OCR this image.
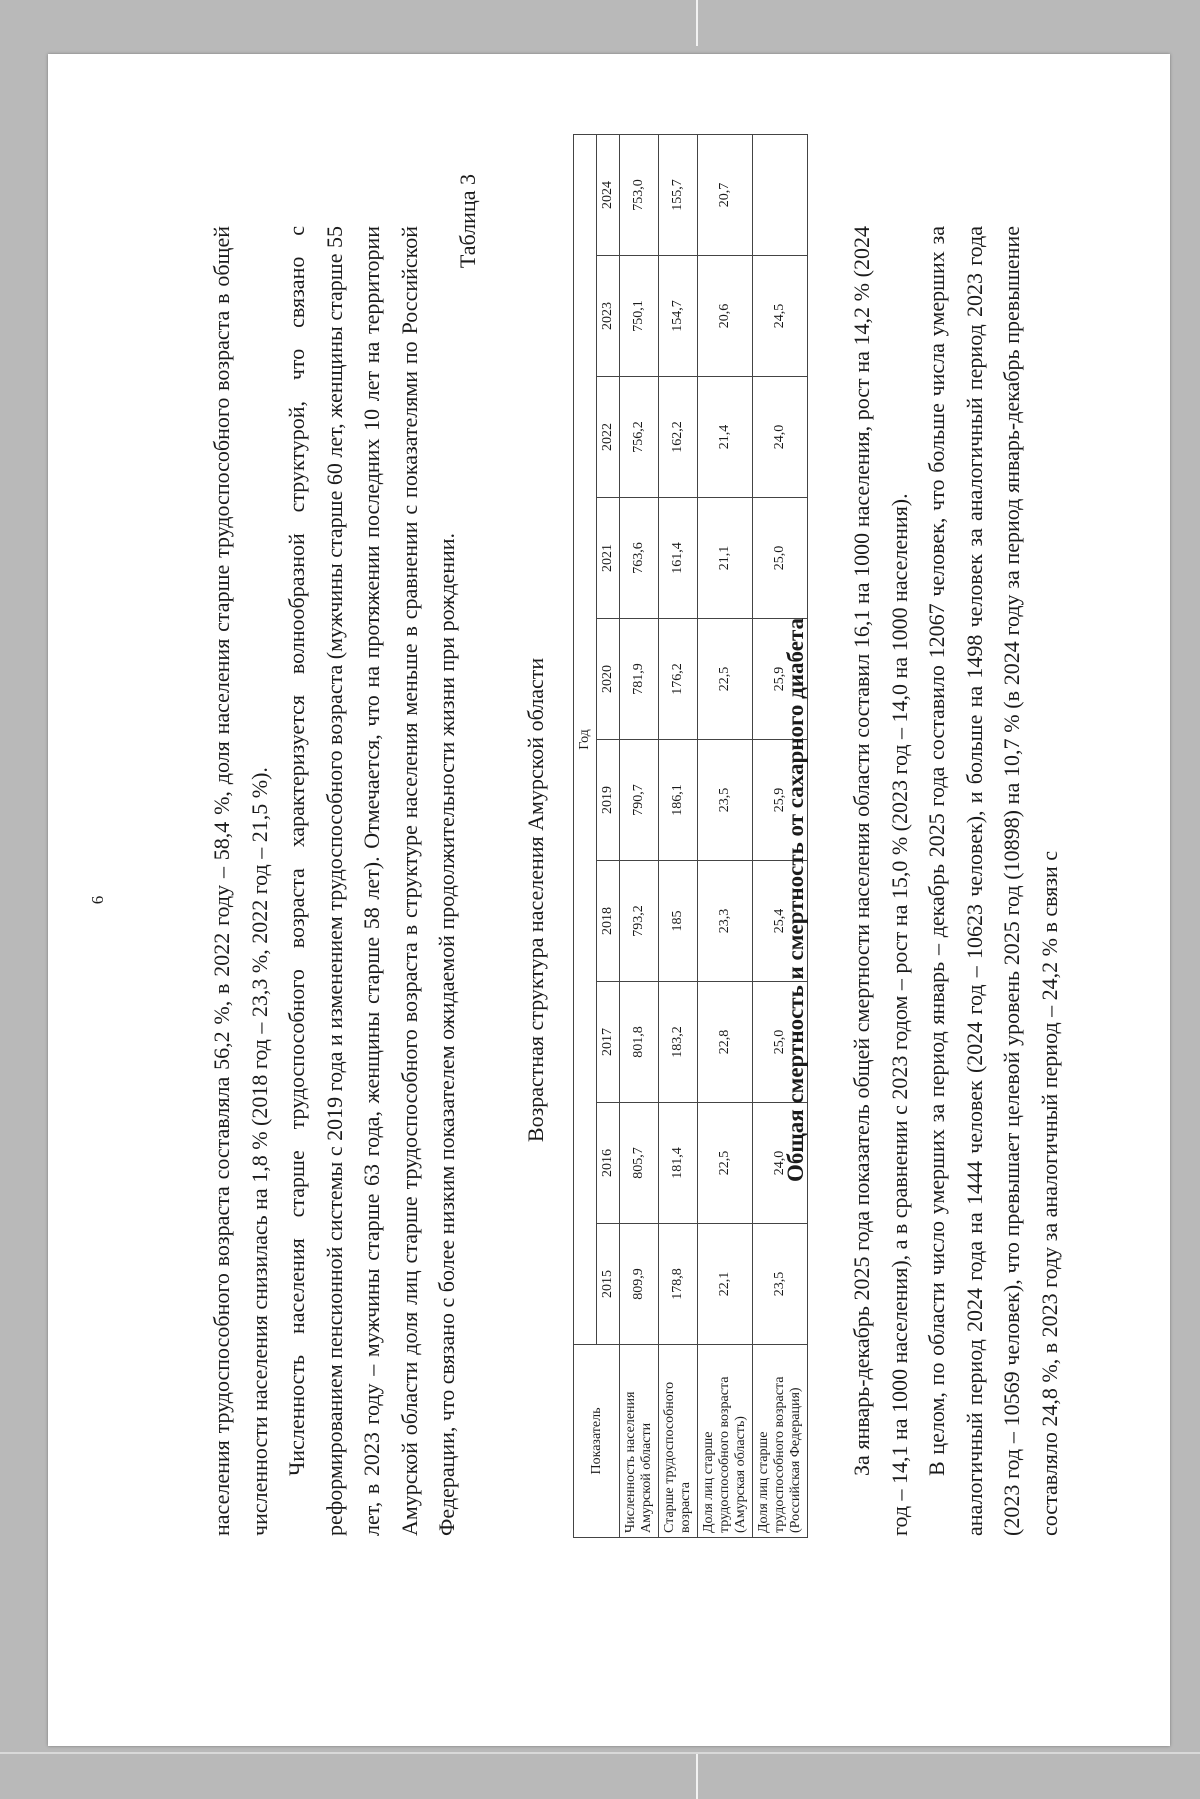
6	населения трудоспособного возраста составляла 56,2 %, в 2022 году – 58,4 %, доля населения старше трудоспособного возраста в общей численности населения снизилась на 1,8 % (2018 год – 23,3 %, 2022 год – 21,5 %). Численность населения старше трудоспособного возраста характеризуется волнообразной структурой, что связано с реформированием пенсионной системы с 2019 года и изменением трудоспособного возраста (мужчины старше 60 лет, женщины старше 55 лет, в 2023 году – мужчины старше 63 года, женщины старше 58 лет). Отмечается, что на протяжении последних 10 лет на территории Амурской области доля лиц старше трудоспособного возраста в структуре населения меньше в сравнении с показателями по Российской Федерации, что связано с более низким показателем ожидаемой продолжительности жизни при рождении.

Таблица 3
Возрастная структура населения Амурской области
Показатель	Год									
	2015	2016	2017	2018	2019	2020	2021	2022	2023	2024
Численность населения Амурской области	809,9	805,7	801,8	793,2	790,7	781,9	763,6	756,2	750,1	753,0
Старше трудоспособного возраста	178,8	181,4	183,2	185	186,1	176,2	161,4	162,2	154,7	155,7
Доля лиц старше трудоспособного возраста (Амурская область)	22,1	22,5	22,8	23,3	23,5	22,5	21,1	21,4	20,6	20,7
Доля лиц старше трудоспособного возраста (Российская Федерация)	23,5	24,0	25,0	25,4	25,9	25,9	25,0	24,0	24,5	
Общая смертность и смертность от сахарного диабета За январь-декабрь 2025 года показатель общей смертности населения области составил 16,1 на 1000 населения, рост на 14,2 % (2024 год – 14,1 на 1000 населения), а в сравнении с 2023 годом – рост на 15,0 % (2023 год – 14,0 на 1000 населения). В целом, по области число умерших за период январь – декабрь 2025 года составило 12067 человек, что больше числа умерших за аналогичный период 2024 года на 1444 человек (2024 год – 10623 человек), и больше на 1498 человек за аналогичный период 2023 года (2023 год – 10569 человек), что превышает целевой уровень 2025 год (10898) на 10,7 % (в 2024 году за период январь-декабрь превышение составляло 24,8 %, в 2023 году за аналогичный период – 24,2 % в связи с
